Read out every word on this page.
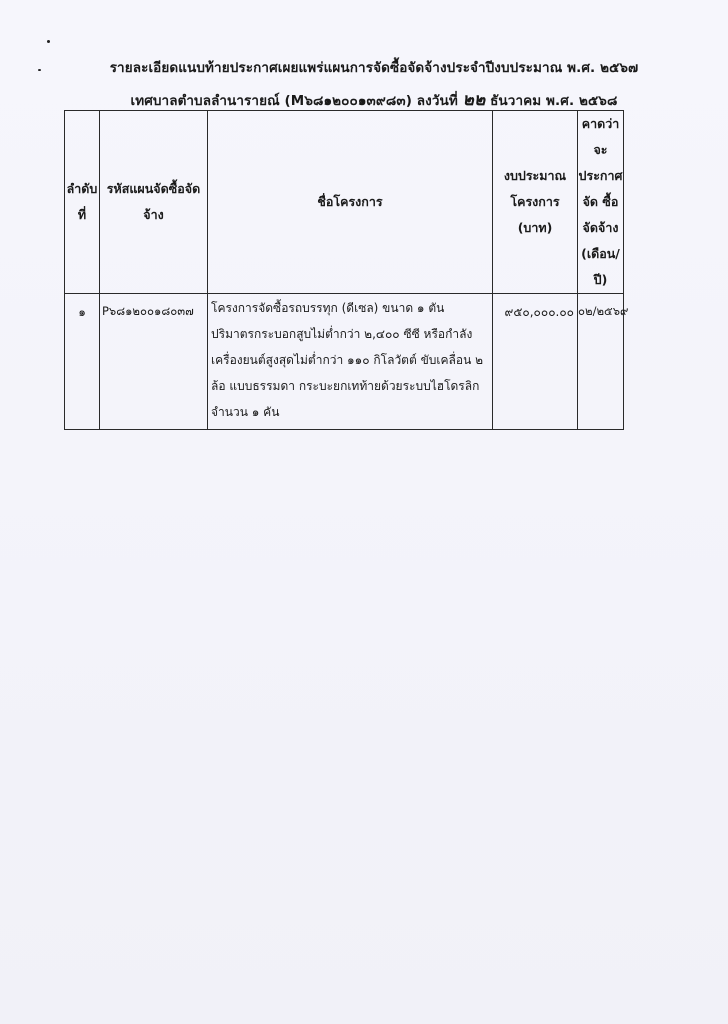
รายละเอียดแนบท้ายประกาศเผยแพร่แผนการจัดซื้อจัดจ้างประจำปีงบประมาณ พ.ศ. ๒๕๖๗
เทศบาลตำบลลำนารายณ์ (M๖๘๑๒๐๐๑๓๙๘๓) ลงวันที่ ๒๒ ธันวาคม พ.ศ. ๒๕๖๘
ลำดับ ที่	รหัสแผนจัดซื้อจัด จ้าง	ชื่อโครงการ	งบประมาณ โครงการ (บาท)	คาดว่าจะ ประกาศจัด ซื้อจัดจ้าง (เดือน/ปี)
๑	P๖๘๑๒๐๐๑๘๐๓๗	โครงการจัดซื้อรถบรรทุก (ดีเซล) ขนาด ๑ ตัน ปริมาตรกระบอกสูบไม่ต่ำกว่า ๒,๔๐๐ ซีซี หรือกำลังเครื่องยนต์สูงสุดไม่ต่ำกว่า ๑๑๐ กิโลวัตต์ ขับเคลื่อน ๒ ล้อ แบบธรรมดา กระบะยกเทท้ายด้วยระบบไฮโดรลิก จำนวน ๑ คัน	๙๕๐,๐๐๐.๐๐	๐๒/๒๕๖๙
